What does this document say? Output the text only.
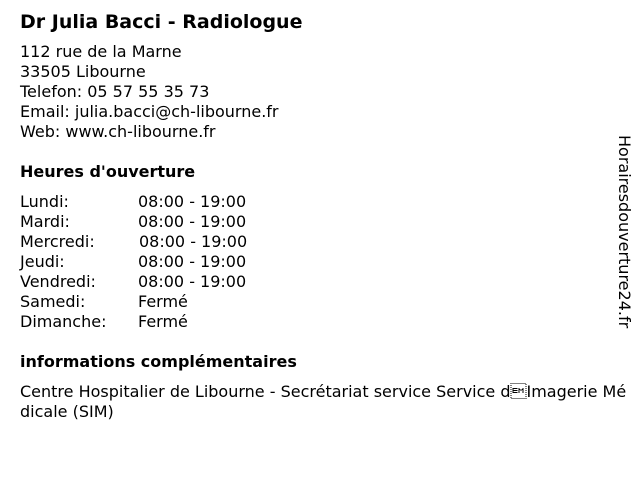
Dr Julia Bacci - Radiologue
112 rue de la Marne
33505 Libourne
Telefon: 05 57 55 35 73
Email: julia.bacci@ch-libourne.fr
Web: www.ch-libourne.fr
Heures d'ouverture
Lundi:	08:00 - 19:00
Mardi:	08:00 - 19:00
Mercredi:	08:00 - 19:00
Jeudi:	08:00 - 19:00
Vendredi:	08:00 - 19:00
Samedi:	Fermé
Dimanche: Fermé
informations complémentaires
Centre Hospitalier de Libourne - Secrétariat service Service dImagerie Médicale (SIM)
Horairesdouverture24.fr
